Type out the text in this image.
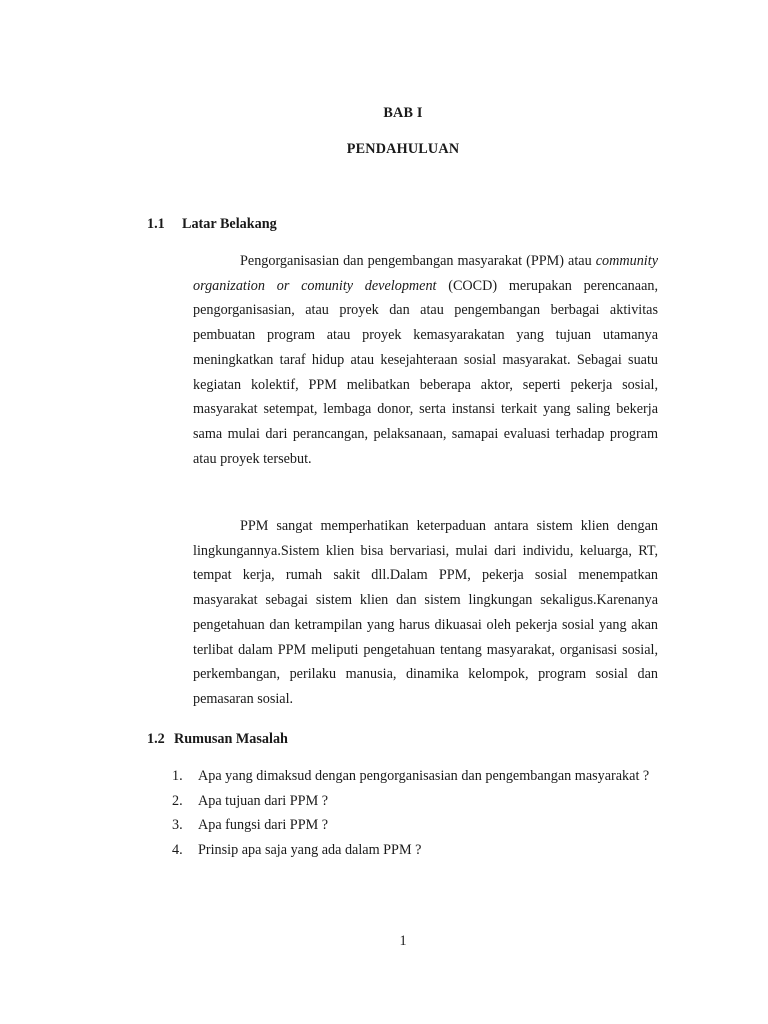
BAB I
PENDAHULUAN
1.1 Latar Belakang

Pengorganisasian dan pengembangan masyarakat (PPM) atau community organization or comunity development (COCD) merupakan perencanaan, pengorganisasian, atau proyek dan atau pengembangan berbagai aktivitas pembuatan program atau proyek kemasyarakatan yang tujuan utamanya meningkatkan taraf hidup atau kesejahteraan sosial masyarakat. Sebagai suatu kegiatan kolektif, PPM melibatkan beberapa aktor, seperti pekerja sosial, masyarakat setempat, lembaga donor, serta instansi terkait yang saling bekerja sama mulai dari perancangan, pelaksanaan, samapai evaluasi terhadap program atau proyek tersebut.

PPM sangat memperhatikan keterpaduan antara sistem klien dengan lingkungannya.Sistem klien bisa bervariasi, mulai dari individu, keluarga, RT, tempat kerja, rumah sakit dll.Dalam PPM, pekerja sosial menempatkan masyarakat sebagai sistem klien dan sistem lingkungan sekaligus.Karenanya pengetahuan dan ketrampilan yang harus dikuasai oleh pekerja sosial yang akan terlibat dalam PPM meliputi pengetahuan tentang masyarakat, organisasi sosial, perkembangan, perilaku manusia, dinamika kelompok, program sosial dan pemasaran sosial.

1.2 Rumusan Masalah
1. Apa yang dimaksud dengan pengorganisasian dan pengembangan masyarakat ?
2. Apa tujuan dari PPM ?
3. Apa fungsi dari PPM ?
4. Prinsip apa saja yang ada dalam PPM ?
1
